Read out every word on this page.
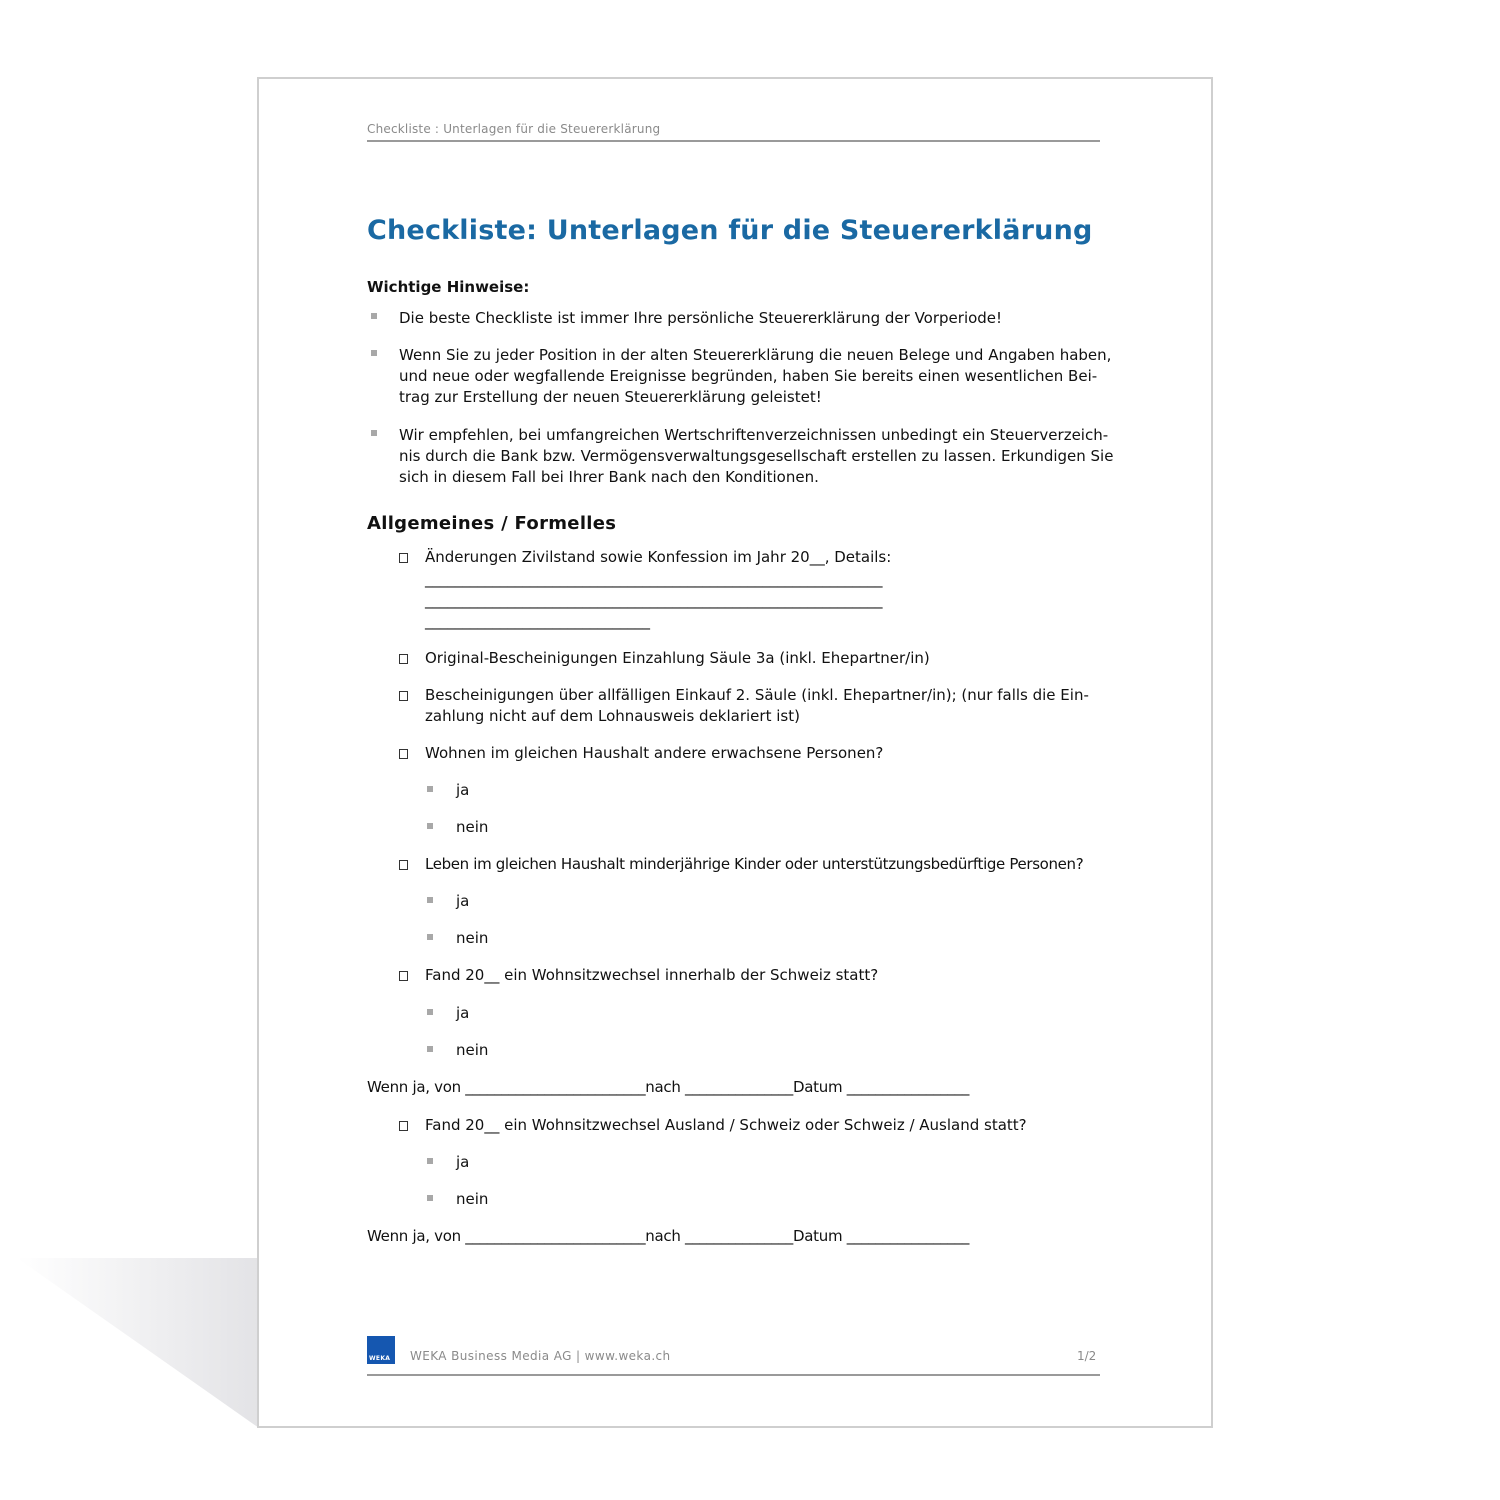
Checkliste : Unterlagen für die Steuererklärung
Checkliste: Unterlagen für die Steuererklärung
Wichtige Hinweise:
Die beste Checkliste ist immer Ihre persönliche Steuererklärung der Vorperiode!
Wenn Sie zu jeder Position in der alten Steuererklärung die neuen Belege und Angaben haben,
und neue oder wegfallende Ereignisse begründen, haben Sie bereits einen wesentlichen Bei-
trag zur Erstellung der neuen Steuererklärung geleistet!
Wir empfehlen, bei umfangreichen Wertschriftenverzeichnissen unbedingt ein Steuerverzeich-
nis durch die Bank bzw. Vermögensverwaltungsgesellschaft erstellen zu lassen. Erkundigen Sie
sich in diesem Fall bei Ihrer Bank nach den Konditionen.
Allgemeines / Formelles
Änderungen Zivilstand sowie Konfession im Jahr 20__, Details:
_____________________________________________________________
_____________________________________________________________
______________________________
Original-Bescheinigungen Einzahlung Säule 3a (inkl. Ehepartner/in)
Bescheinigungen über allfälligen Einkauf 2. Säule (inkl. Ehepartner/in); (nur falls die Ein-
zahlung nicht auf dem Lohnausweis deklariert ist)
Wohnen im gleichen Haushalt andere erwachsene Personen?
ja
nein
Leben im gleichen Haushalt minderjährige Kinder oder unterstützungsbedürftige Personen?
ja
nein
Fand 20__ ein Wohnsitzwechsel innerhalb der Schweiz statt?
ja
nein
Wenn ja, von _________________________nach _______________Datum _________________
Fand 20__ ein Wohnsitzwechsel Ausland / Schweiz oder Schweiz / Ausland statt?
ja
nein
Wenn ja, von _________________________nach _______________Datum _________________
WEKA WEKA Business Media AG | www.weka.ch	1/2
